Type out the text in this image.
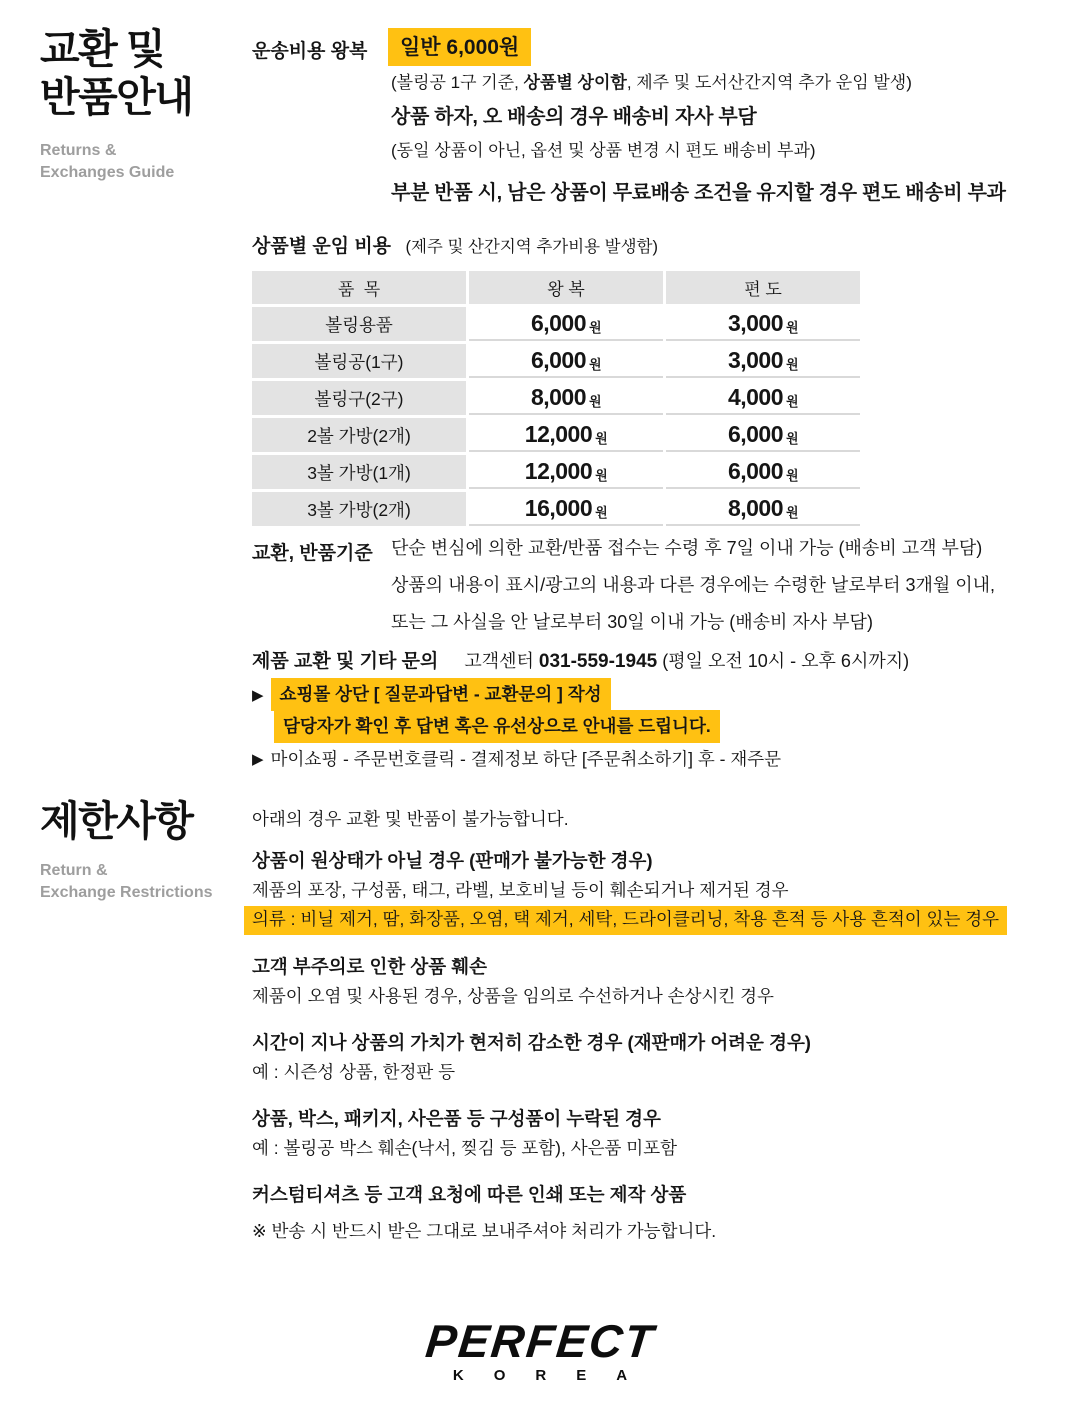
교환 및
반품안내
Returns &
Exchanges Guide
운송비용 왕복	일반 6,000원
(볼링공 1구 기준, 상품별 상이함, 제주 및 도서산간지역 추가 운임 발생)
상품 하자, 오 배송의 경우 배송비 자사 부담
(동일 상품이 아닌, 옵션 및 상품 변경 시 편도 배송비 부과)
부분 반품 시, 남은 상품이 무료배송 조건을 유지할 경우 편도 배송비 부과
상품별 운임 비용 (제주 및 산간지역 추가비용 발생함)
품  목	왕 복	편 도
볼링용품	6,000 원	3,000 원
볼링공(1구)	6,000 원	3,000 원
볼링구(2구)	8,000 원	4,000 원
2볼 가방(2개)	12,000 원	6,000 원
3볼 가방(1개)	12,000 원	6,000 원
3볼 가방(2개)	16,000 원	8,000 원
교환, 반품기준 단순 변심에 의한 교환/반품 접수는 수령 후 7일 이내 가능 (배송비 고객 부담)
상품의 내용이 표시/광고의 내용과 다른 경우에는 수령한 날로부터 3개월 이내,
또는 그 사실을 안 날로부터 30일 이내 가능 (배송비 자사 부담)
제품 교환 및 기타 문의 고객센터 031-559-1945 (평일 오전 10시 - 오후 6시까지)
▶ 쇼핑몰 상단 [ 질문과답변 - 교환문의 ] 작성
담당자가 확인 후 답변 혹은 유선상으로 안내를 드립니다.
▶ 마이쇼핑 - 주문번호클릭 - 결제정보 하단 [주문취소하기] 후 - 재주문
제한사항
Return &
Exchange Restrictions
아래의 경우 교환 및 반품이 불가능합니다.
상품이 원상태가 아닐 경우 (판매가 불가능한 경우)
제품의 포장, 구성품, 태그, 라벨, 보호비닐 등이 훼손되거나 제거된 경우
의류 : 비닐 제거, 땀, 화장품, 오염, 택 제거, 세탁, 드라이클리닝, 착용 흔적 등 사용 흔적이 있는 경우
고객 부주의로 인한 상품 훼손
제품이 오염 및 사용된 경우, 상품을 임의로 수선하거나 손상시킨 경우
시간이 지나 상품의 가치가 현저히 감소한 경우 (재판매가 어려운 경우)
예 : 시즌성 상품, 한정판 등
상품, 박스, 패키지, 사은품 등 구성품이 누락된 경우
예 : 볼링공 박스 훼손(낙서, 찢김 등 포함), 사은품 미포함
커스텀티셔츠 등 고객 요청에 따른 인쇄 또는 제작 상품
※ 반송 시 반드시 받은 그대로 보내주셔야 처리가 가능합니다.
PERFECT
KOREA
